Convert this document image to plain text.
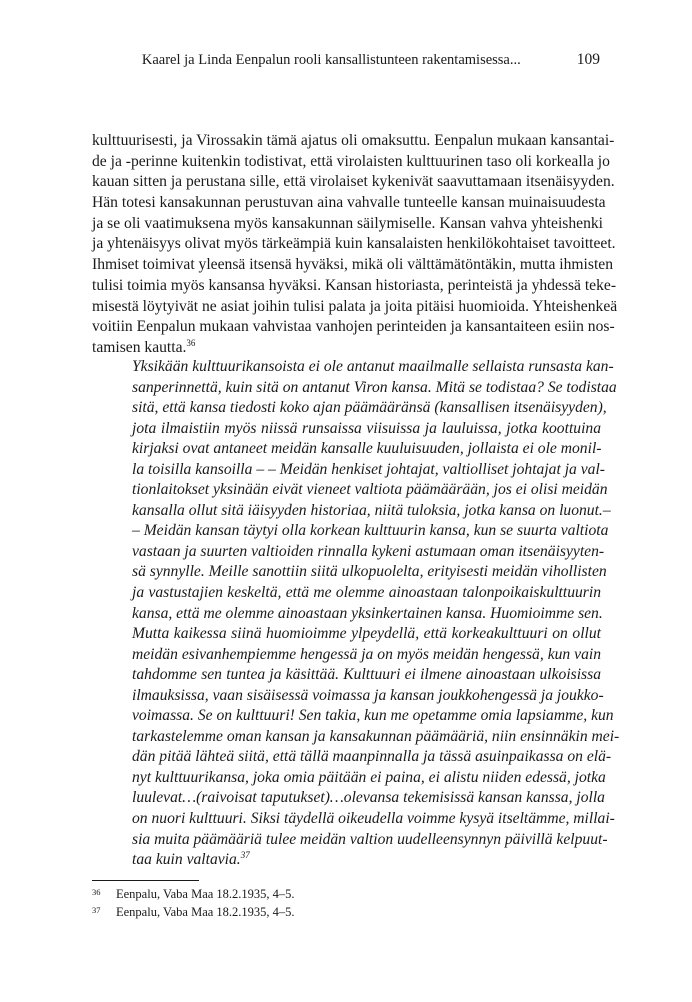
Kaarel ja Linda Eenpalun rooli kansallistunteen rakentamisessa...	109
kulttuurisesti, ja Virossakin tämä ajatus oli omaksuttu. Eenpalun mukaan kansantai-
de ja -perinne kuitenkin todistivat, että virolaisten kulttuurinen taso oli korkealla jo
kauan sitten ja perustana sille, että virolaiset kykenivät saavuttamaan itsenäisyyden.
Hän totesi kansakunnan perustuvan aina vahvalle tunteelle kansan muinaisuudesta
ja se oli vaatimuksena myös kansakunnan säilymiselle. Kansan vahva yhteishenki
ja yhtenäisyys olivat myös tärkeämpiä kuin kansalaisten henkilökohtaiset tavoitteet.
Ihmiset toimivat yleensä itsensä hyväksi, mikä oli välttämätöntäkin, mutta ihmisten
tulisi toimia myös kansansa hyväksi. Kansan historiasta, perinteistä ja yhdessä teke-
misestä löytyivät ne asiat joihin tulisi palata ja joita pitäisi huomioida. Yhteishenkeä
voitiin Eenpalun mukaan vahvistaa vanhojen perinteiden ja kansantaiteen esiin nos-
tamisen kautta.$^{36}$
Yksikään kulttuurikansoista ei ole antanut maailmalle sellaista runsasta kan-
sanperinnettä, kuin sitä on antanut Viron kansa. Mitä se todistaa? Se todistaa
sitä, että kansa tiedosti koko ajan päämääränsä (kansallisen itsenäisyyden),
jota ilmaistiin myös niissä runsaissa viisuissa ja lauluissa, jotka koottuina
kirjaksi ovat antaneet meidän kansalle kuuluisuuden, jollaista ei ole monil-
la toisilla kansoilla – – Meidän henkiset johtajat, valtiolliset johtajat ja val-
tionlaitokset yksinään eivät vieneet valtiota päämäärään, jos ei olisi meidän
kansalla ollut sitä iäisyyden historiaa, niitä tuloksia, jotka kansa on luonut.–
– Meidän kansan täytyi olla korkean kulttuurin kansa, kun se suurta valtiota
vastaan ja suurten valtioiden rinnalla kykeni astumaan oman itsenäisyyten-
sä synnylle. Meille sanottiin siitä ulkopuolelta, erityisesti meidän vihollisten
ja vastustajien keskeltä, että me olemme ainoastaan talonpoikaiskulttuurin
kansa, että me olemme ainoastaan yksinkertainen kansa. Huomioimme sen.
Mutta kaikessa siinä huomioimme ylpeydellä, että korkeakulttuuri on ollut
meidän esivanhempiemme hengessä ja on myös meidän hengessä, kun vain
tahdomme sen tuntea ja käsittää. Kulttuuri ei ilmene ainoastaan ulkoisissa
ilmauksissa, vaan sisäisessä voimassa ja kansan joukkohengessä ja joukko-
voimassa. Se on kulttuuri! Sen takia, kun me opetamme omia lapsiamme, kun
tarkastelemme oman kansan ja kansakunnan päämääriä, niin ensinnäkin mei-
dän pitää lähteä siitä, että tällä maanpinnalla ja tässä asuinpaikassa on elä-
nyt kulttuurikansa, joka omia päitään ei paina, ei alistu niiden edessä, jotka
luulevat…(raivoisat taputukset)…olevansa tekemisissä kansan kanssa, jolla
on nuori kulttuuri. Siksi täydellä oikeudella voimme kysyä itseltämme, millai-
sia muita päämääriä tulee meidän valtion uudelleensynnyn päivillä kelpuut-
taa kuin valtavia.$^{37}$
36	Eenpalu, Vaba Maa 18.2.1935, 4–5.
37	Eenpalu, Vaba Maa 18.2.1935, 4–5.
